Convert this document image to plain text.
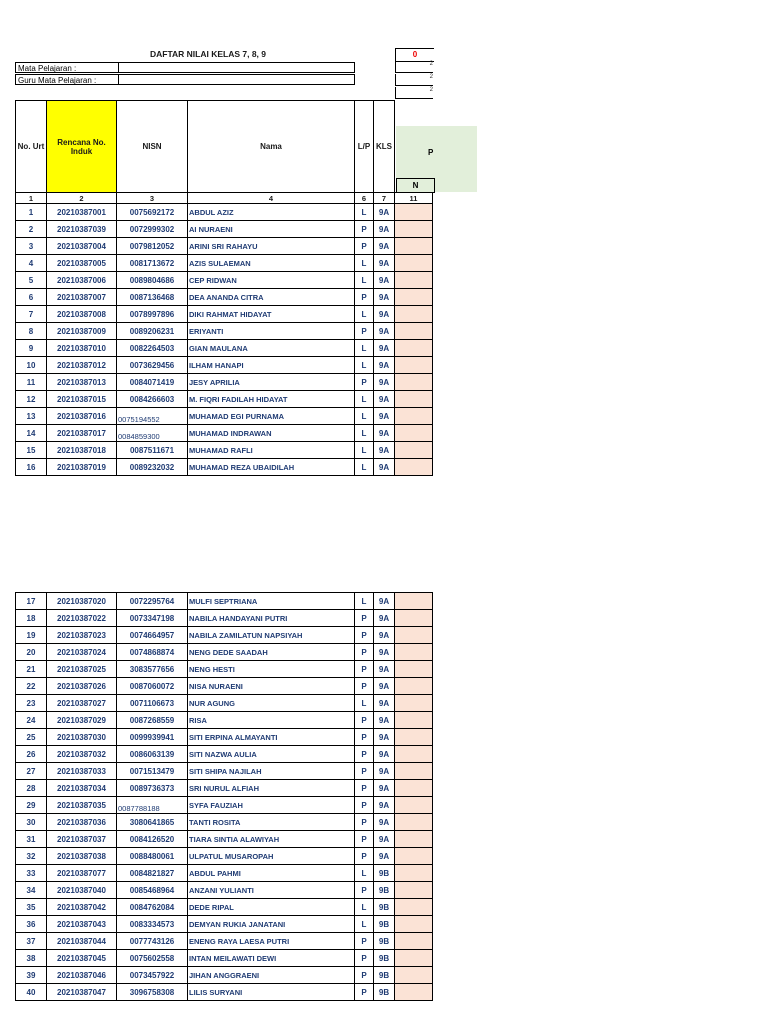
DAFTAR NILAI KELAS 7, 8, 9	0
Mata Pelajaran :
Guru Mata Pelajaran :
2
2
2
No. Urt	Rencana No. Induk	NISN	Nama	L/P	KLS	
P
N
1	2	3	4	6	7	11
1	20210387001	0075692172	ABDUL AZIZ	L	9A	
2	20210387039	0072999302	AI NURAENI	P	9A	
3	20210387004	0079812052	ARINI SRI RAHAYU	P	9A	
4	20210387005	0081713672	AZIS SULAEMAN	L	9A	
5	20210387006	0089804686	CEP RIDWAN	L	9A	
6	20210387007	0087136468	DEA ANANDA CITRA	P	9A	
7	20210387008	0078997896	DIKI RAHMAT HIDAYAT	L	9A	
8	20210387009	0089206231	ERIYANTI	P	9A	
9	20210387010	0082264503	GIAN MAULANA	L	9A	
10	20210387012	0073629456	ILHAM HANAPI	L	9A	
11	20210387013	0084071419	JESY APRILIA	P	9A	
12	20210387015	0084266603	M. FIQRI FADILAH HIDAYAT	L	9A	
13	20210387016	0075194552	MUHAMAD EGI PURNAMA	L	9A	
14	20210387017	0084859300	MUHAMAD INDRAWAN	L	9A	
15	20210387018	0087511671	MUHAMAD RAFLI	L	9A	
16	20210387019	0089232032	MUHAMAD REZA UBAIDILAH	L	9A	
17	20210387020	0072295764	MULFI SEPTRIANA	L	9A	
18	20210387022	0073347198	NABILA HANDAYANI PUTRI	P	9A	
19	20210387023	0074664957	NABILA ZAMILATUN NAPSIYAH	P	9A	
20	20210387024	0074868874	NENG DEDE SAADAH	P	9A	
21	20210387025	3083577656	NENG HESTI	P	9A	
22	20210387026	0087060072	NISA NURAENI	P	9A	
23	20210387027	0071106673	NUR AGUNG	L	9A	
24	20210387029	0087268559	RISA	P	9A	
25	20210387030	0099939941	SITI ERPINA ALMAYANTI	P	9A	
26	20210387032	0086063139	SITI NAZWA AULIA	P	9A	
27	20210387033	0071513479	SITI SHIPA NAJILAH	P	9A	
28	20210387034	0089736373	SRI NURUL ALFIAH	P	9A	
29	20210387035	0087788188	SYFA FAUZIAH	P	9A	
30	20210387036	3080641865	TANTI ROSITA	P	9A	
31	20210387037	0084126520	TIARA SINTIA ALAWIYAH	P	9A	
32	20210387038	0088480061	ULPATUL MUSAROPAH	P	9A	
33	20210387077	0084821827	ABDUL PAHMI	L	9B	
34	20210387040	0085468964	ANZANI YULIANTI	P	9B	
35	20210387042	0084762084	DEDE RIPAL	L	9B	
36	20210387043	0083334573	DEMYAN RUKIA JANATANI	L	9B	
37	20210387044	0077743126	ENENG RAYA LAESA PUTRI	P	9B	
38	20210387045	0075602558	INTAN MEILAWATI DEWI	P	9B	
39	20210387046	0073457922	JIHAN ANGGRAENI	P	9B	
40	20210387047	3096758308	LILIS SURYANI	P	9B	
